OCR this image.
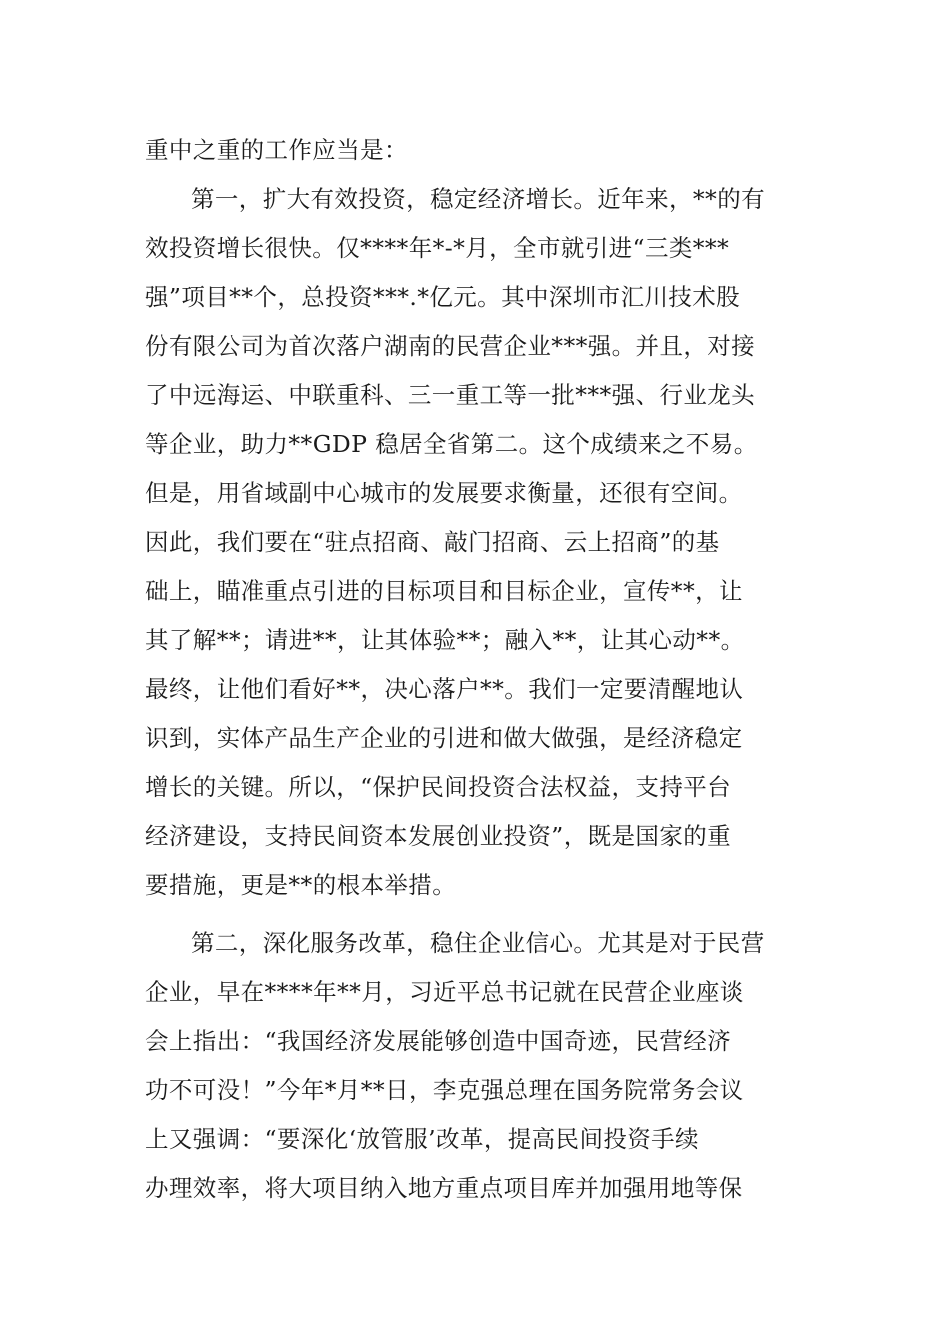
重中之重的工作应当是：
第一，扩大有效投资，稳定经济增长。近年来，**的有
效投资增长很快。仅****年*-*月，全市就引进“三类***
强”项目**个，总投资***.*亿元。其中深圳市汇川技术股
份有限公司为首次落户湖南的民营企业***强。并且，对接
了中远海运、中联重科、三一重工等一批***强、行业龙头
等企业，助力**GDP 稳居全省第二。这个成绩来之不易。
但是，用省域副中心城市的发展要求衡量，还很有空间。
因此，我们要在“驻点招商、敲门招商、云上招商”的基
础上，瞄准重点引进的目标项目和目标企业，宣传**，让
其了解**；请进**，让其体验**；融入**，让其心动**。
最终，让他们看好**，决心落户**。我们一定要清醒地认
识到，实体产品生产企业的引进和做大做强，是经济稳定
增长的关键。所以，“保护民间投资合法权益，支持平台
经济建设，支持民间资本发展创业投资”，既是国家的重
要措施，更是**的根本举措。
第二，深化服务改革，稳住企业信心。尤其是对于民营
企业，早在****年**月，习近平总书记就在民营企业座谈
会上指出：“我国经济发展能够创造中国奇迹，民营经济
功不可没！”今年*月**日，李克强总理在国务院常务会议
上又强调：“要深化‘放管服’改革，提高民间投资手续
办理效率，将大项目纳入地方重点项目库并加强用地等保
